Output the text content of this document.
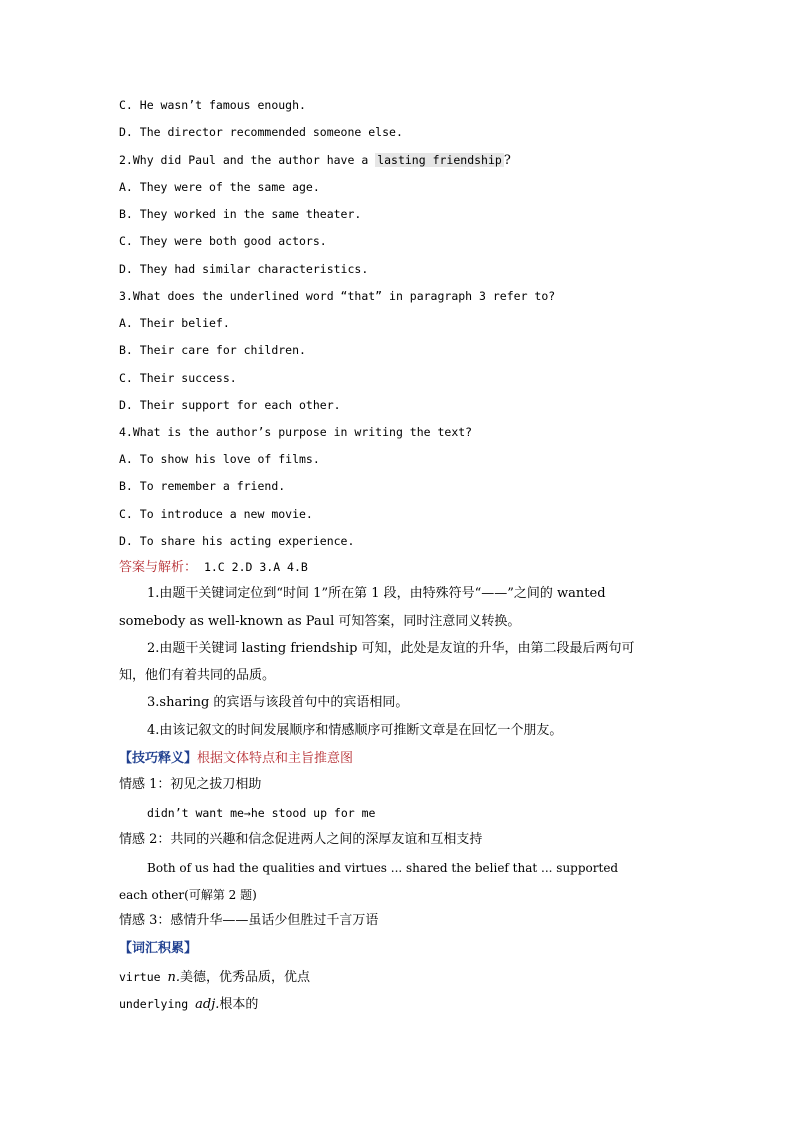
C. He wasn’t famous enough.
D. The director recommended someone else.
2.Why did Paul and the author have a lasting friendship ?
A. They were of the same age.
B. They worked in the same theater.
C. They were both good actors.
D. They had similar characteristics.
3.What does the underlined word “that” in paragraph 3 refer to?
A. Their belief.
B. Their care for children.
C. Their success.
D. Their support for each other.
4.What is the author’s purpose in writing the text?
A. To show his love of films.
B. To remember a friend.
C. To introduce a new movie.
D. To share his acting experience.
答案与解析： 1.C 2.D 3.A 4.B
1.由题干关键词定位到“时间 1”所在第 1 段，由特殊符号“——”之间的 wanted
somebody as well-known as Paul 可知答案，同时注意同义转换。
2.由题干关键词 lasting friendship 可知，此处是友谊的升华，由第二段最后两句可
知，他们有着共同的品质。
3.sharing 的宾语与该段首句中的宾语相同。
4.由该记叙文的时间发展顺序和情感顺序可推断文章是在回忆一个朋友。
【技巧释义】根据文体特点和主旨推意图
情感 1：初见之拔刀相助
didn’t want me→he stood up for me
情感 2：共同的兴趣和信念促进两人之间的深厚友谊和互相支持
Both of us had the qualities and virtues ... shared the belief that ... supported
each other(可解第 2 题)
情感 3：感情升华——虽话少但胜过千言万语
【词汇积累】
virtue n.美德，优秀品质，优点
underlying adj.根本的
